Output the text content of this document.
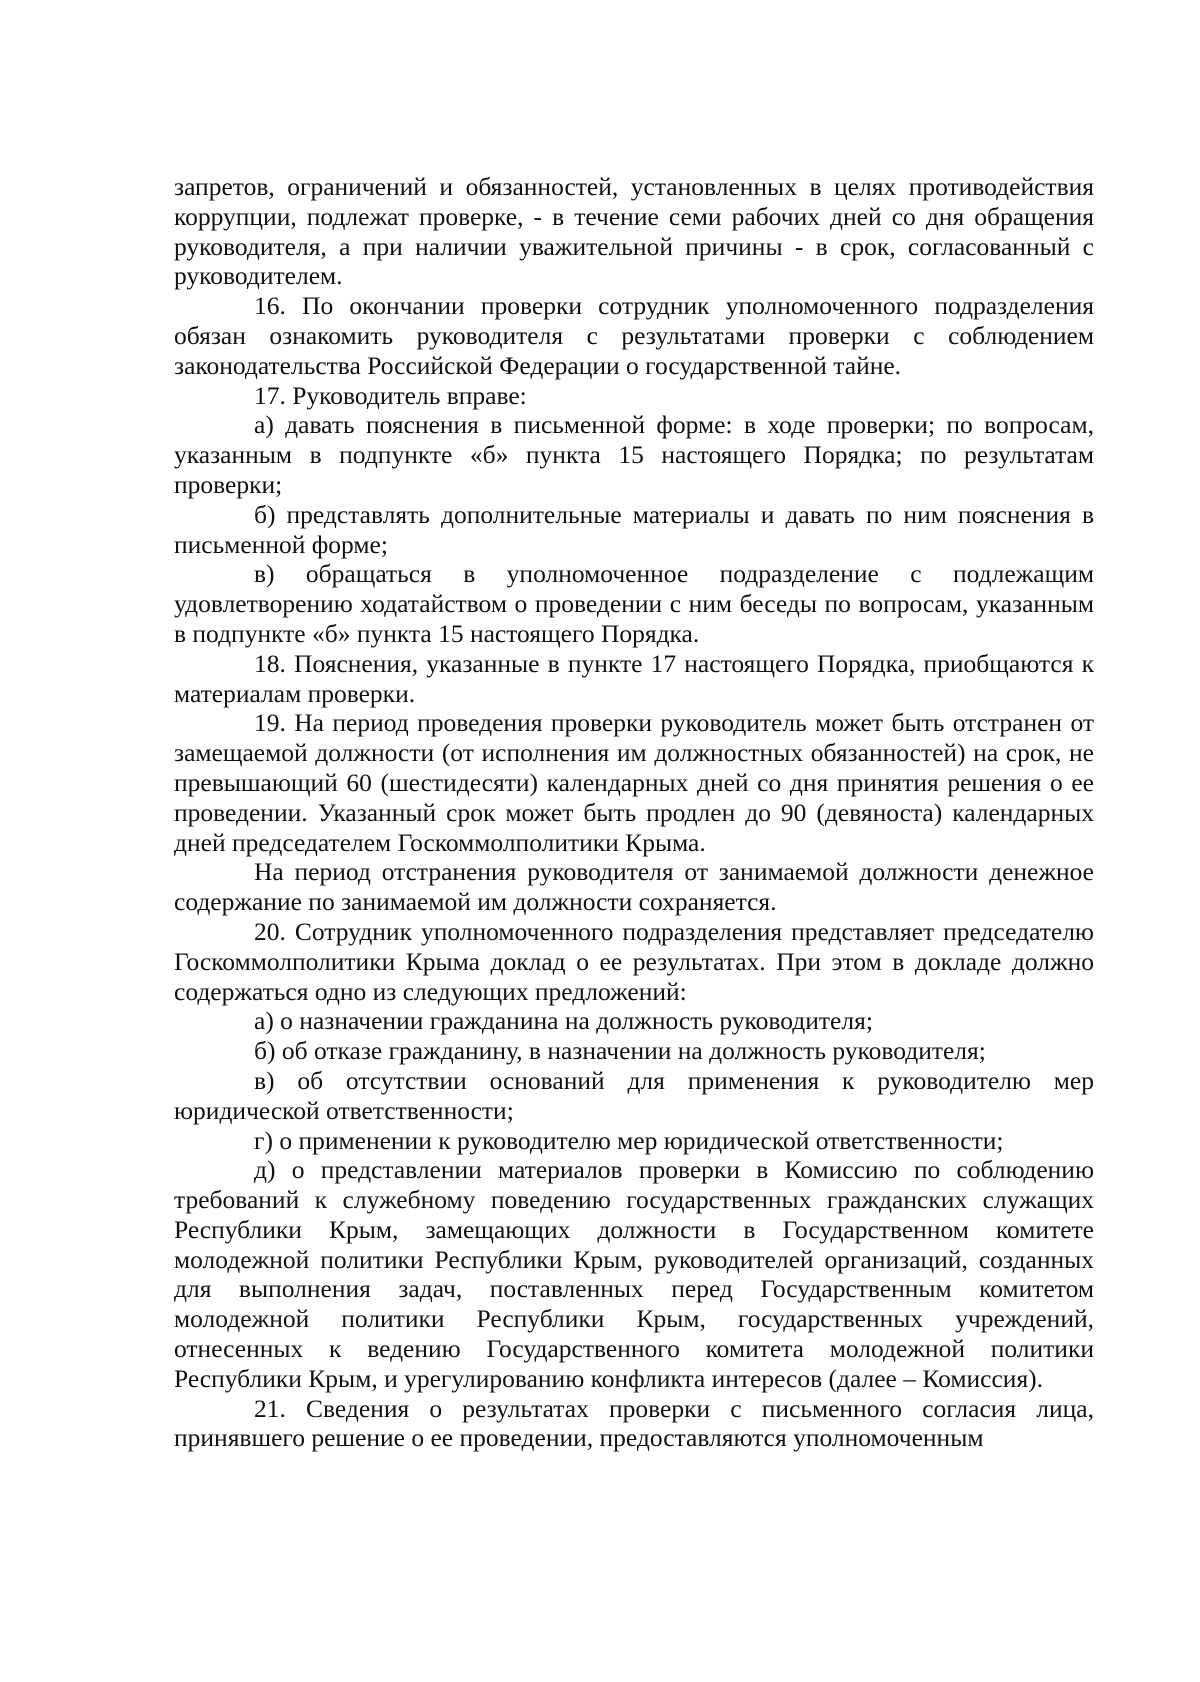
запретов, ограничений и обязанностей, установленных в целях противодействия коррупции, подлежат проверке, - в течение семи рабочих дней со дня обращения руководителя, а при наличии уважительной причины - в срок, согласованный с руководителем.

16. По окончании проверки сотрудник уполномоченного подразделения обязан ознакомить руководителя с результатами проверки с соблюдением законодательства Российской Федерации о государственной тайне.

17. Руководитель вправе:

а) давать пояснения в письменной форме: в ходе проверки; по вопросам, указанным в подпункте «б» пункта 15 настоящего Порядка; по результатам проверки;

б) представлять дополнительные материалы и давать по ним пояснения в письменной форме;

в) обращаться в уполномоченное подразделение с подлежащим удовлетворению ходатайством о проведении с ним беседы по вопросам, указанным в подпункте «б» пункта 15 настоящего Порядка.

18. Пояснения, указанные в пункте 17 настоящего Порядка, приобщаются к материалам проверки.

19. На период проведения проверки руководитель может быть отстранен от замещаемой должности (от исполнения им должностных обязанностей) на срок, не превышающий 60 (шестидесяти) календарных дней со дня принятия решения о ее проведении. Указанный срок может быть продлен до 90 (девяноста) календарных дней председателем Госкоммолполитики Крыма.

На период отстранения руководителя от занимаемой должности денежное содержание по занимаемой им должности сохраняется.

20. Сотрудник уполномоченного подразделения представляет председателю Госкоммолполитики Крыма доклад о ее результатах. При этом в докладе должно содержаться одно из следующих предложений:

а) о назначении гражданина на должность руководителя;

б) об отказе гражданину, в назначении на должность руководителя;

в) об отсутствии оснований для применения к руководителю мер юридической ответственности;

г) о применении к руководителю мер юридической ответственности;

д) о представлении материалов проверки в Комиссию по соблюдению требований к служебному поведению государственных гражданских служащих Республики Крым, замещающих должности в Государственном комитете молодежной политики Республики Крым, руководителей организаций, созданных для выполнения задач, поставленных перед Государственным комитетом молодежной политики Республики Крым, государственных учреждений, отнесенных к ведению Государственного комитета молодежной политики Республики Крым, и урегулированию конфликта интересов (далее – Комиссия).

21. Сведения о результатах проверки с письменного согласия лица, принявшего решение о ее проведении, предоставляются уполномоченным
